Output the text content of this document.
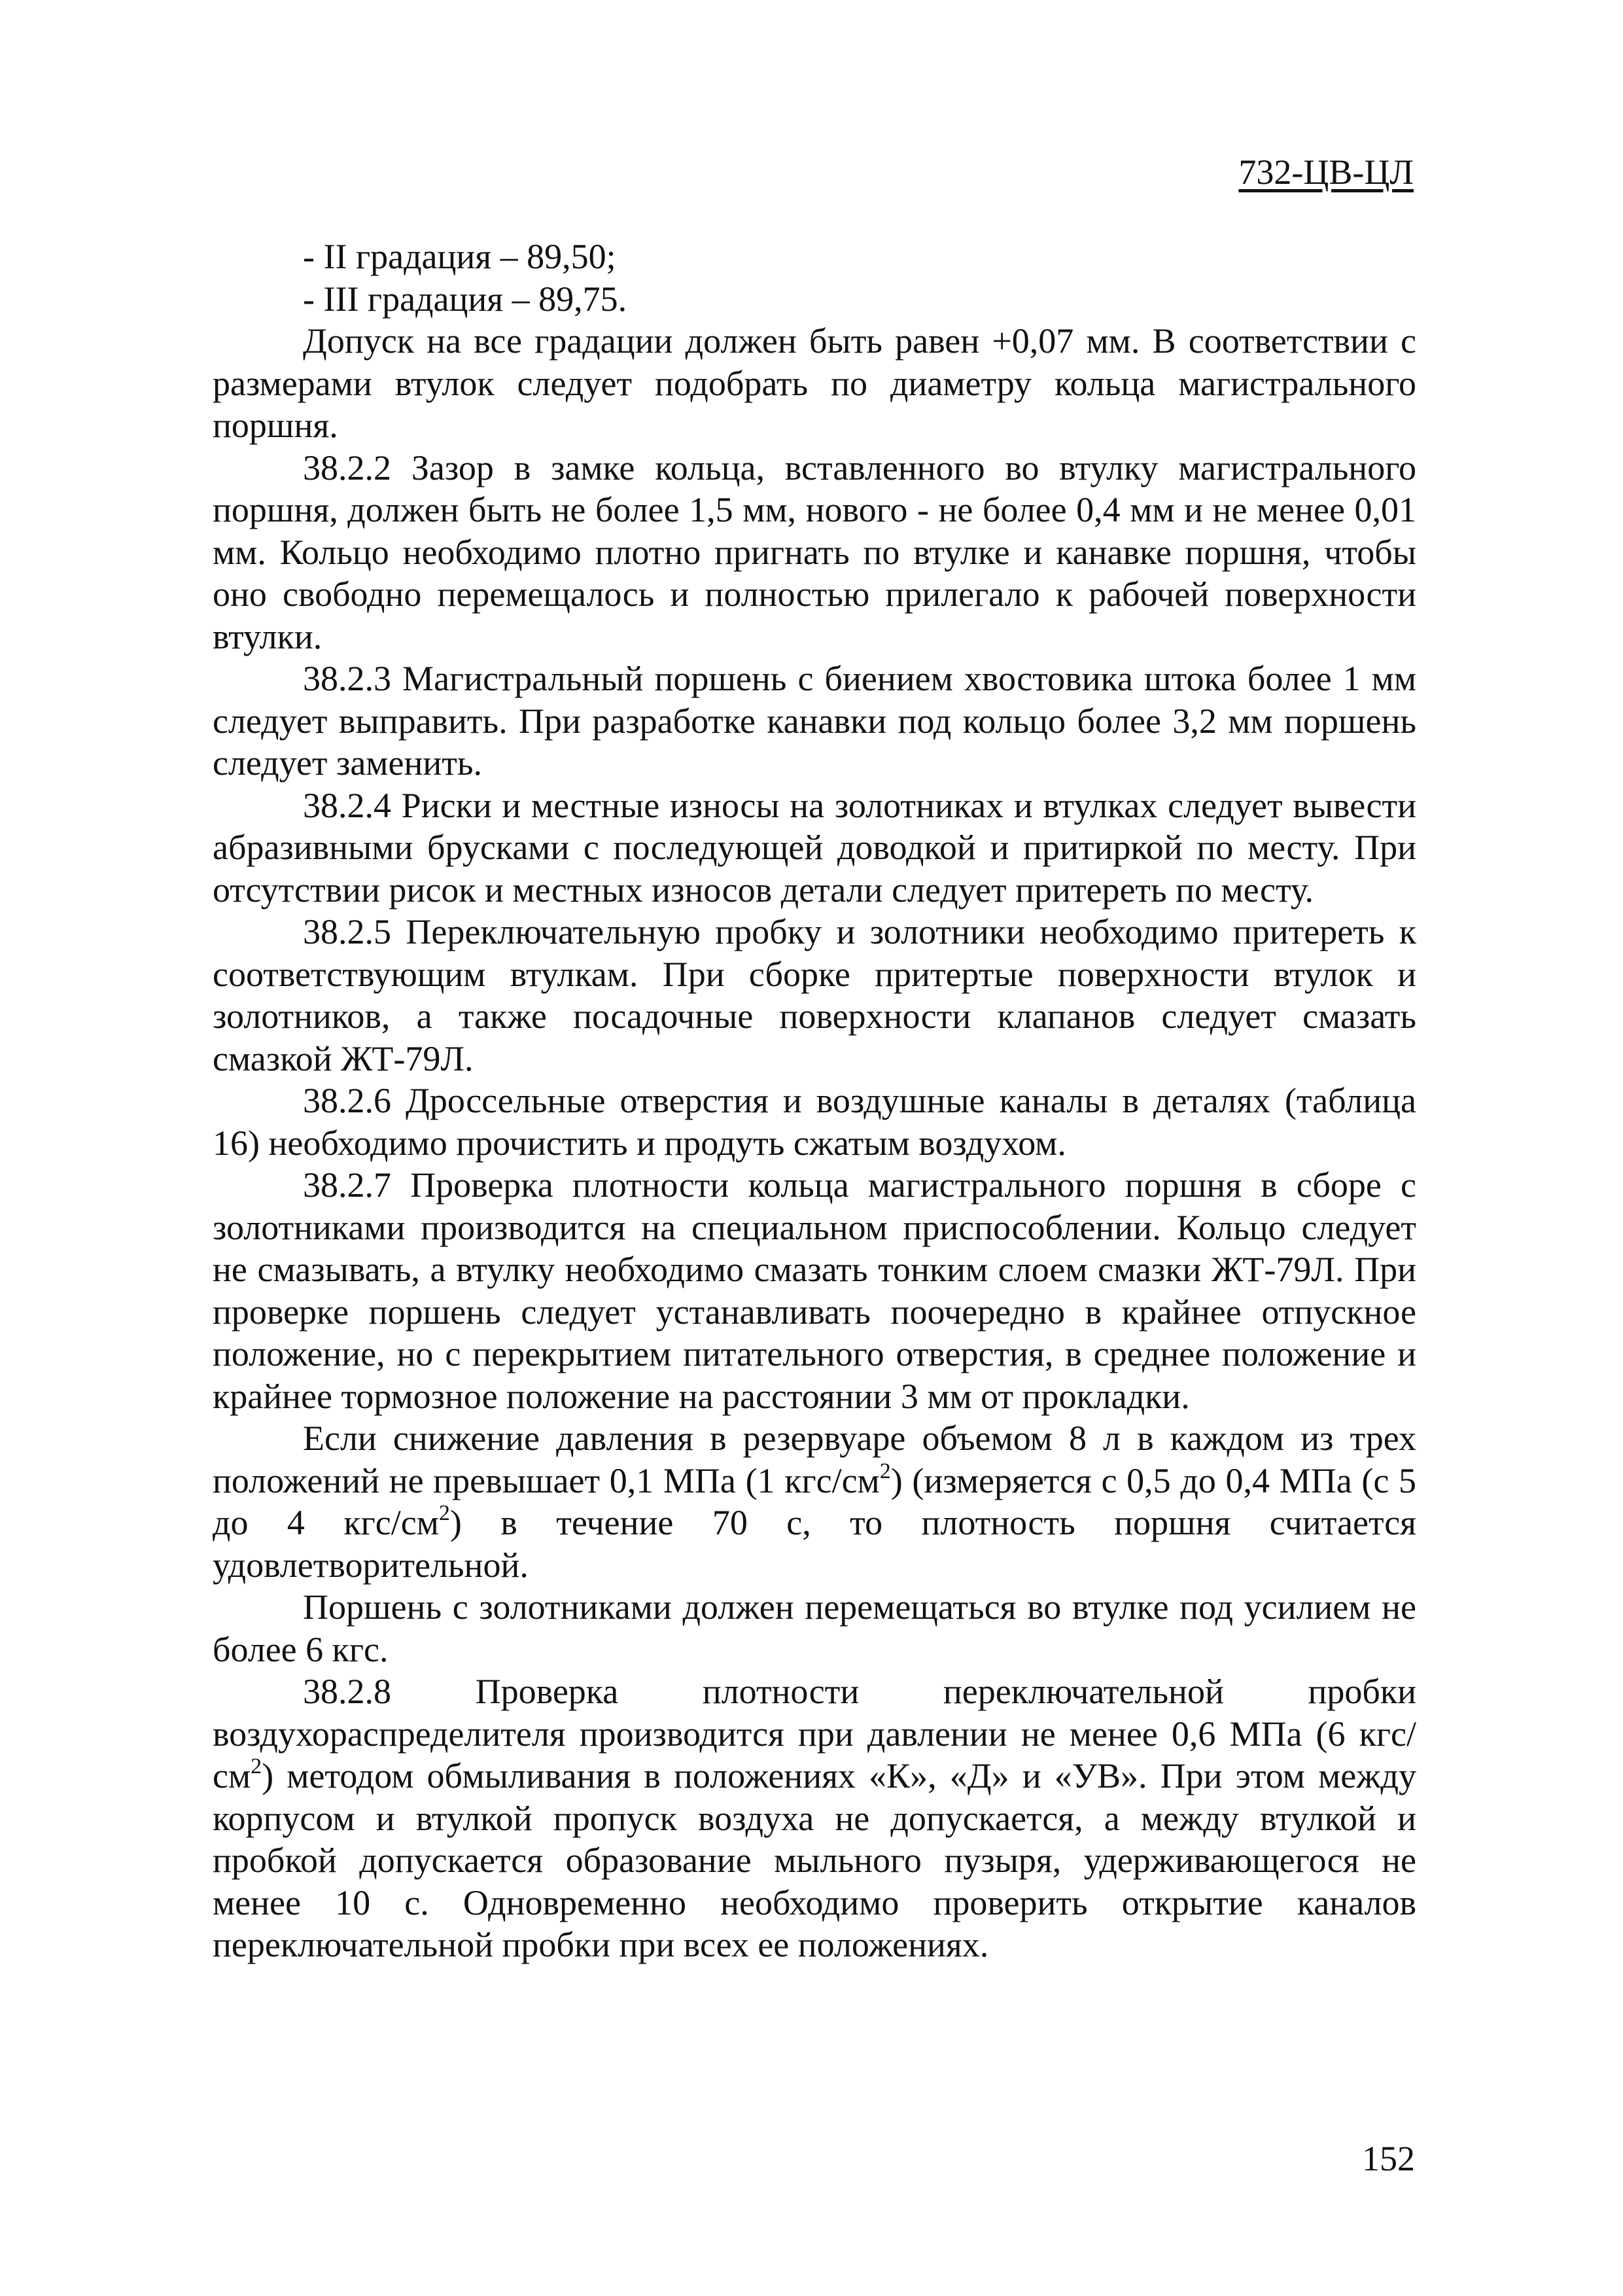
732-ЦВ-ЦЛ

- II градация – 89,50;

- III градация – 89,75.

Допуск на все градации должен быть равен +0,07 мм. В соответствии с размерами втулок следует подобрать по диаметру кольца магистрального поршня.

38.2.2 Зазор в замке кольца, вставленного во втулку магистрального поршня, должен быть не более 1,5 мм, нового - не более 0,4 мм и не менее 0,01 мм. Кольцо необходимо плотно пригнать по втулке и канавке поршня, чтобы оно свободно перемещалось и полностью прилегало к рабочей поверхности втулки.

38.2.3 Магистральный поршень с биением хвостовика штока более 1 мм следует выправить. При разработке канавки под кольцо более 3,2 мм поршень следует заменить.

38.2.4 Риски и местные износы на золотниках и втулках следует вывести абразивными брусками с последующей доводкой и притиркой по месту. При отсутствии рисок и местных износов детали следует притереть по месту.

38.2.5 Переключательную пробку и золотники необходимо притереть к соответствующим втулкам. При сборке притертые поверхности втулок и золотников, а также посадочные поверхности клапанов следует смазать смазкой ЖТ-79Л.

38.2.6 Дроссельные отверстия и воздушные каналы в деталях (таблица 16) необходимо прочистить и продуть сжатым воздухом.

38.2.7 Проверка плотности кольца магистрального поршня в сборе с золотниками производится на специальном приспособлении. Кольцо следует не смазывать, а втулку необходимо смазать тонким слоем смазки ЖТ-79Л. При проверке поршень следует устанавливать поочередно в крайнее отпускное положение, но с перекрытием питательного отверстия, в среднее положение и крайнее тормозное положение на расстоянии 3 мм от прокладки.

Если снижение давления в резервуаре объемом 8 л в каждом из трех положений не превышает 0,1 МПа (1 кгс/$см^2$) (измеряется с 0,5 до 0,4 МПа (с 5 до 4 кгс/$см^2$) в течение 70 с, то плотность поршня считается удовлетворительной.

Поршень с золотниками должен перемещаться во втулке под усилием не более 6 кгс.

38.2.8 Проверка плотности переключательной пробки воздухораспределителя производится при давлении не менее 0,6 МПа (6 кгс/$см^2$) методом обмыливания в положениях «К», «Д» и «УВ». При этом между корпусом и втулкой пропуск воздуха не допускается, а между втулкой и пробкой допускается образование мыльного пузыря, удерживающегося не менее 10 с. Одновременно необходимо проверить открытие каналов переключательной пробки при всех ее положениях.

152
